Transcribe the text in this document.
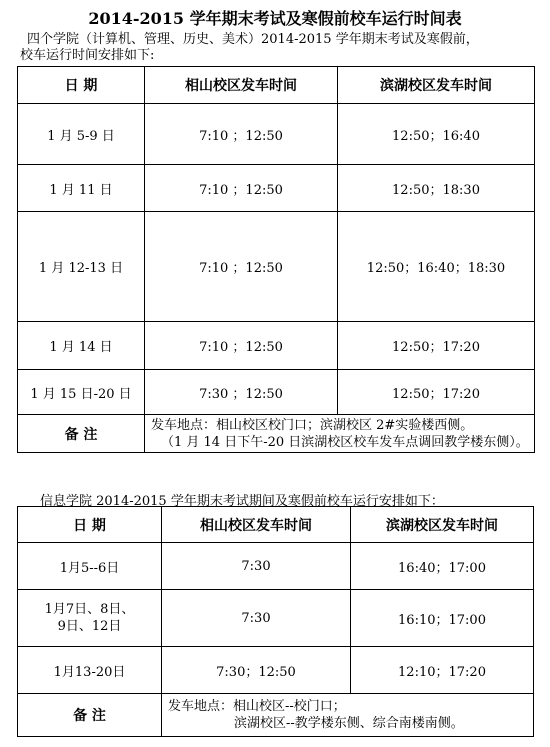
2014-2015 学年期末考试及寒假前校车运行时间表
四个学院（计算机、管理、历史、美术）2014-2015 学年期末考试及寒假前，
校车运行时间安排如下:
日 期	相山校区发车时间	滨湖校区发车时间
1 月 5-9 日	7:10 ；12:50	12:50；16:40
1 月 11 日	7:10 ；12:50	12:50；18:30
1 月 12-13 日	7:10 ；12:50	12:50；16:40；18:30
1 月 14 日	7:10 ；12:50	12:50；17:20
1 月 15 日-20 日	7:30 ；12:50	12:50；17:20
备 注	发车地点：相山校区校门口；滨湖校区 2#实验楼西侧。
（1 月 14 日下午-20 日滨湖校区校车发车点调回教学楼东侧）。	
信息学院 2014-2015 学年期末考试期间及寒假前校车运行安排如下：
日 期	相山校区发车时间	滨湖校区发车时间
1月5--6日	7:30	16:40；17:00

1月7日、8日、
9日、12日	7:30	16:10；17:00
1月13-20日	7:30；12:50	12:10；17:20
备 注	发车地点：相山校区--校门口；
滨湖校区--教学楼东侧、综合南楼南侧。	
